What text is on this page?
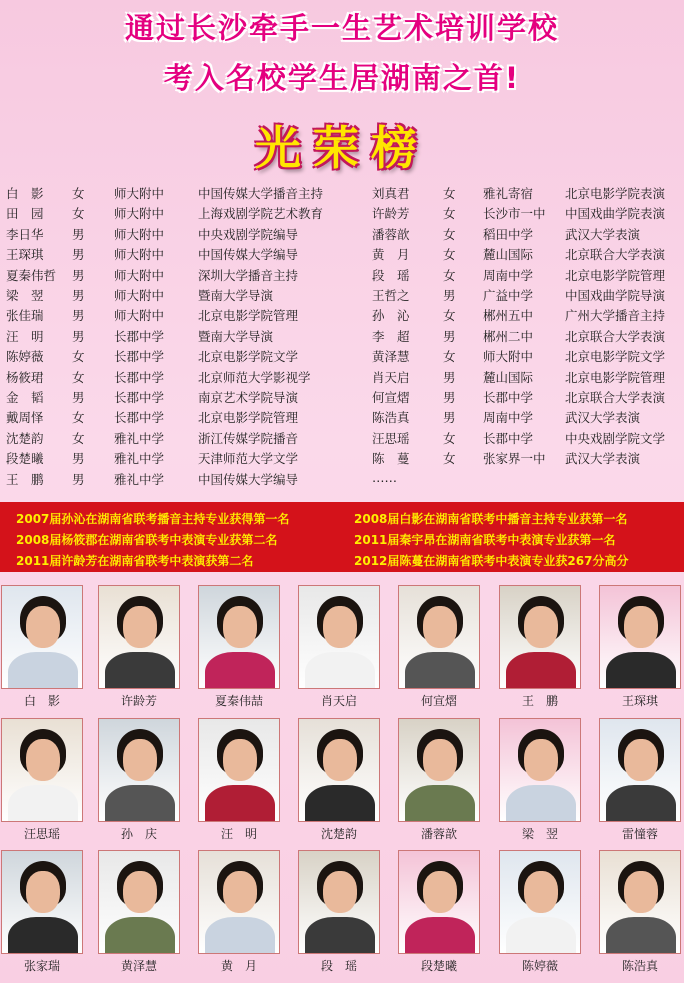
通过长沙牵手一生艺术培训学校
考入名校学生居湖南之首!
光荣榜
白　影 女 师大附中	中国传媒大学播音主持
田　园 女 师大附中	上海戏剧学院艺术教育
李日华 男 师大附中	中央戏剧学院编导
王琛琪 男 师大附中	中国传媒大学编导
夏秦伟哲 男 师大附中	深圳大学播音主持
梁　翌 男 师大附中	暨南大学导演
张佳瑞 男 师大附中	北京电影学院管理
汪　明 男 长郡中学	暨南大学导演
陈婷薇 女 长郡中学	北京电影学院文学
杨筱珺 女 长郡中学	北京师范大学影视学
金　韬 男 长郡中学	南京艺术学院导演
戴周怿 女 长郡中学	北京电影学院管理
沈楚韵 女 雅礼中学	浙江传媒学院播音
段楚曦 男 雅礼中学	天津师范大学文学
王　鹏 男 雅礼中学	中国传媒大学编导
刘真君	女 雅礼寄宿	北京电影学院表演
许龄芳	女 长沙市一中 中国戏曲学院表演
潘蓉歆	女 稻田中学	武汉大学表演
黄　月	女 麓山国际	北京联合大学表演
段　瑶	女 周南中学	北京电影学院管理
王哲之	男 广益中学	中国戏曲学院导演
孙　沁	女 郴州五中	广州大学播音主持
李　超	男 郴州二中	北京联合大学表演
黄泽慧	女 师大附中	北京电影学院文学
肖天启	男 麓山国际	北京电影学院管理
何宣熠	男 长郡中学	北京联合大学表演
陈浩真	男 周南中学	武汉大学表演
汪思瑶	女 长郡中学	中央戏剧学院文学
陈　蔓	女 张家界一中 武汉大学表演
……
2007届孙沁在湖南省联考播音主持专业获得第一名	2008届白影在湖南省联考中播音主持专业获第一名
2008届杨筱郡在湖南省联考中表演专业获第二名	2011届秦宇昂在湖南省联考中表演专业获第一名
2011届许龄芳在湖南省联考中表演获第二名	2012届陈蔓在湖南省联考中表演专业获267分高分
白　影	许龄芳	夏秦伟喆	肖天启	何宣熠	王　鹏	王琛琪
汪思瑶	孙　庆	汪　明	沈楚韵	潘蓉歆	梁　翌	雷憧蓉
张家瑞	黄泽慧	黄　月	段　瑶	段楚曦	陈婷薇	陈浩真
